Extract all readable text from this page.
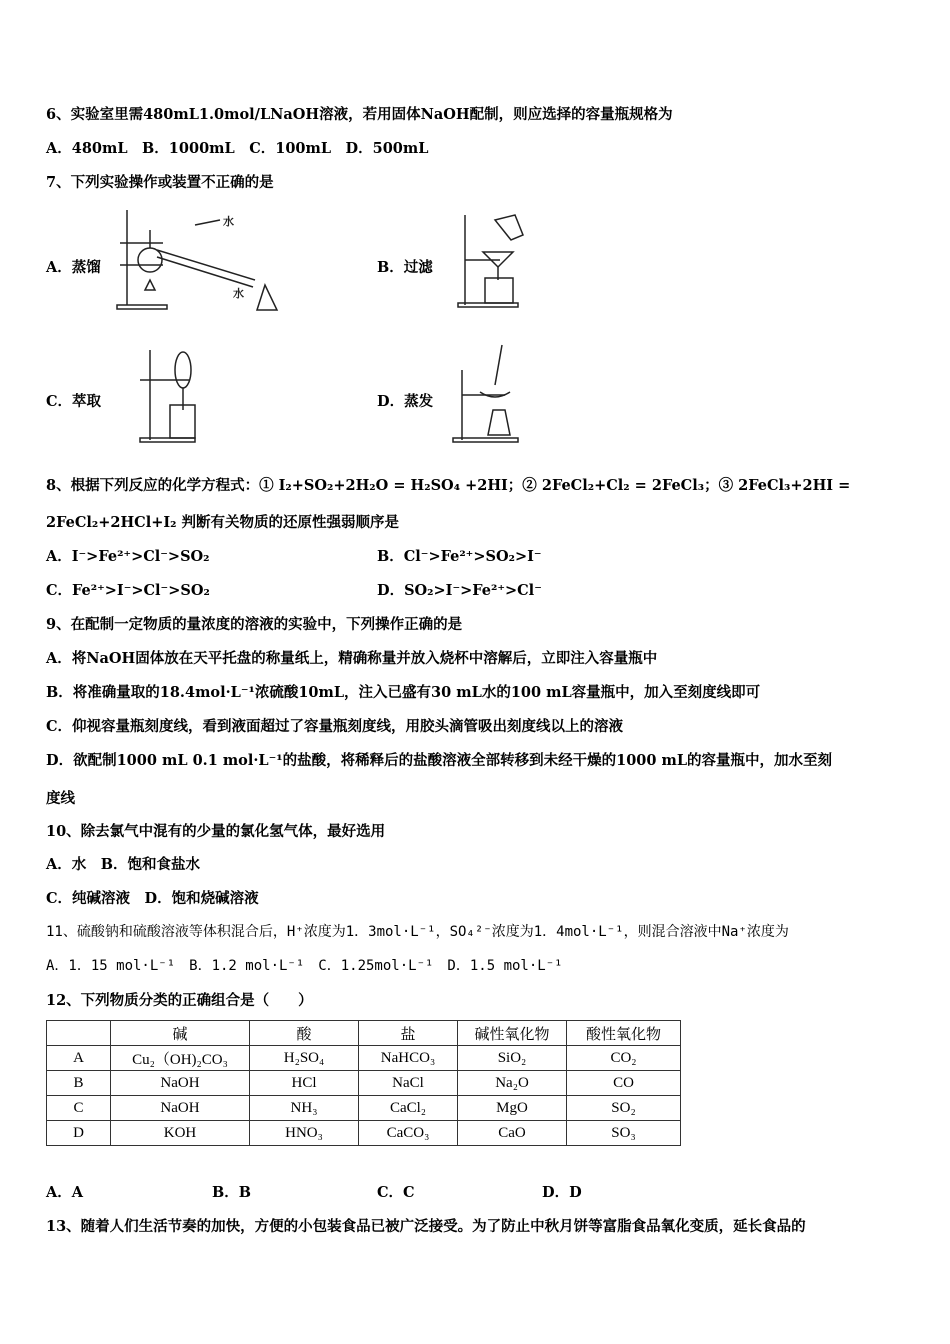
6、实验室里需480mL1.0mol/LNaOH溶液，若用固体NaOH配制，则应选择的容量瓶规格为
A．480mL　B．1000mL　C．100mL　D．500mL
7、下列实验操作或装置不正确的是
A．蒸馏
水
水
B．过滤
C．萃取	D．蒸发
8、根据下列反应的化学方程式：① I₂+SO₂+2H₂O = H₂SO₄ +2HI；② 2FeCl₂+Cl₂ = 2FeCl₃；③ 2FeCl₃+2HI =
2FeCl₂+2HCl+I₂ 判断有关物质的还原性强弱顺序是
A．I⁻>Fe²⁺>Cl⁻>SO₂	B．Cl⁻>Fe²⁺>SO₂>I⁻
C．Fe²⁺>I⁻>Cl⁻>SO₂	D．SO₂>I⁻>Fe²⁺>Cl⁻
9、在配制一定物质的量浓度的溶液的实验中，下列操作正确的是
A．将NaOH固体放在天平托盘的称量纸上，精确称量并放入烧杯中溶解后，立即注入容量瓶中
B．将准确量取的18.4mol·L⁻¹浓硫酸10mL，注入已盛有30 mL水的100 mL容量瓶中，加入至刻度线即可
C．仰视容量瓶刻度线，看到液面超过了容量瓶刻度线，用胶头滴管吸出刻度线以上的溶液
D．欲配制1000 mL 0.1 mol·L⁻¹的盐酸，将稀释后的盐酸溶液全部转移到未经干燥的1000 mL的容量瓶中，加水至刻
度线
10、除去氯气中混有的少量的氯化氢气体，最好选用
A．水　B．饱和食盐水
C．纯碱溶液　D．饱和烧碱溶液
11、硫酸钠和硫酸溶液等体积混合后，H⁺浓度为1．3mol·L⁻¹，SO₄²⁻浓度为1．4mol·L⁻¹，则混合溶液中Na⁺浓度为
A．1．15 mol·L⁻¹　B．1.2 mol·L⁻¹　C．1.25mol·L⁻¹　D．1.5 mol·L⁻¹
12、下列物质分类的正确组合是（　　）
	碱	酸	盐	碱性氧化物	酸性氧化物
A	Cu₂（OH)₂CO₃	H₂SO₄	NaHCO₃	SiO₂	CO₂
B	NaOH	HCl	NaCl	Na₂O	CO
C	NaOH	NH₃	CaCl₂	MgO	SO₂
D	KOH	HNO₃	CaCO₃	CaO	SO₃
A．A	B．B	C．C	D．D
13、随着人们生活节奏的加快，方便的小包装食品已被广泛接受。为了防止中秋月饼等富脂食品氧化变质，延长食品的
